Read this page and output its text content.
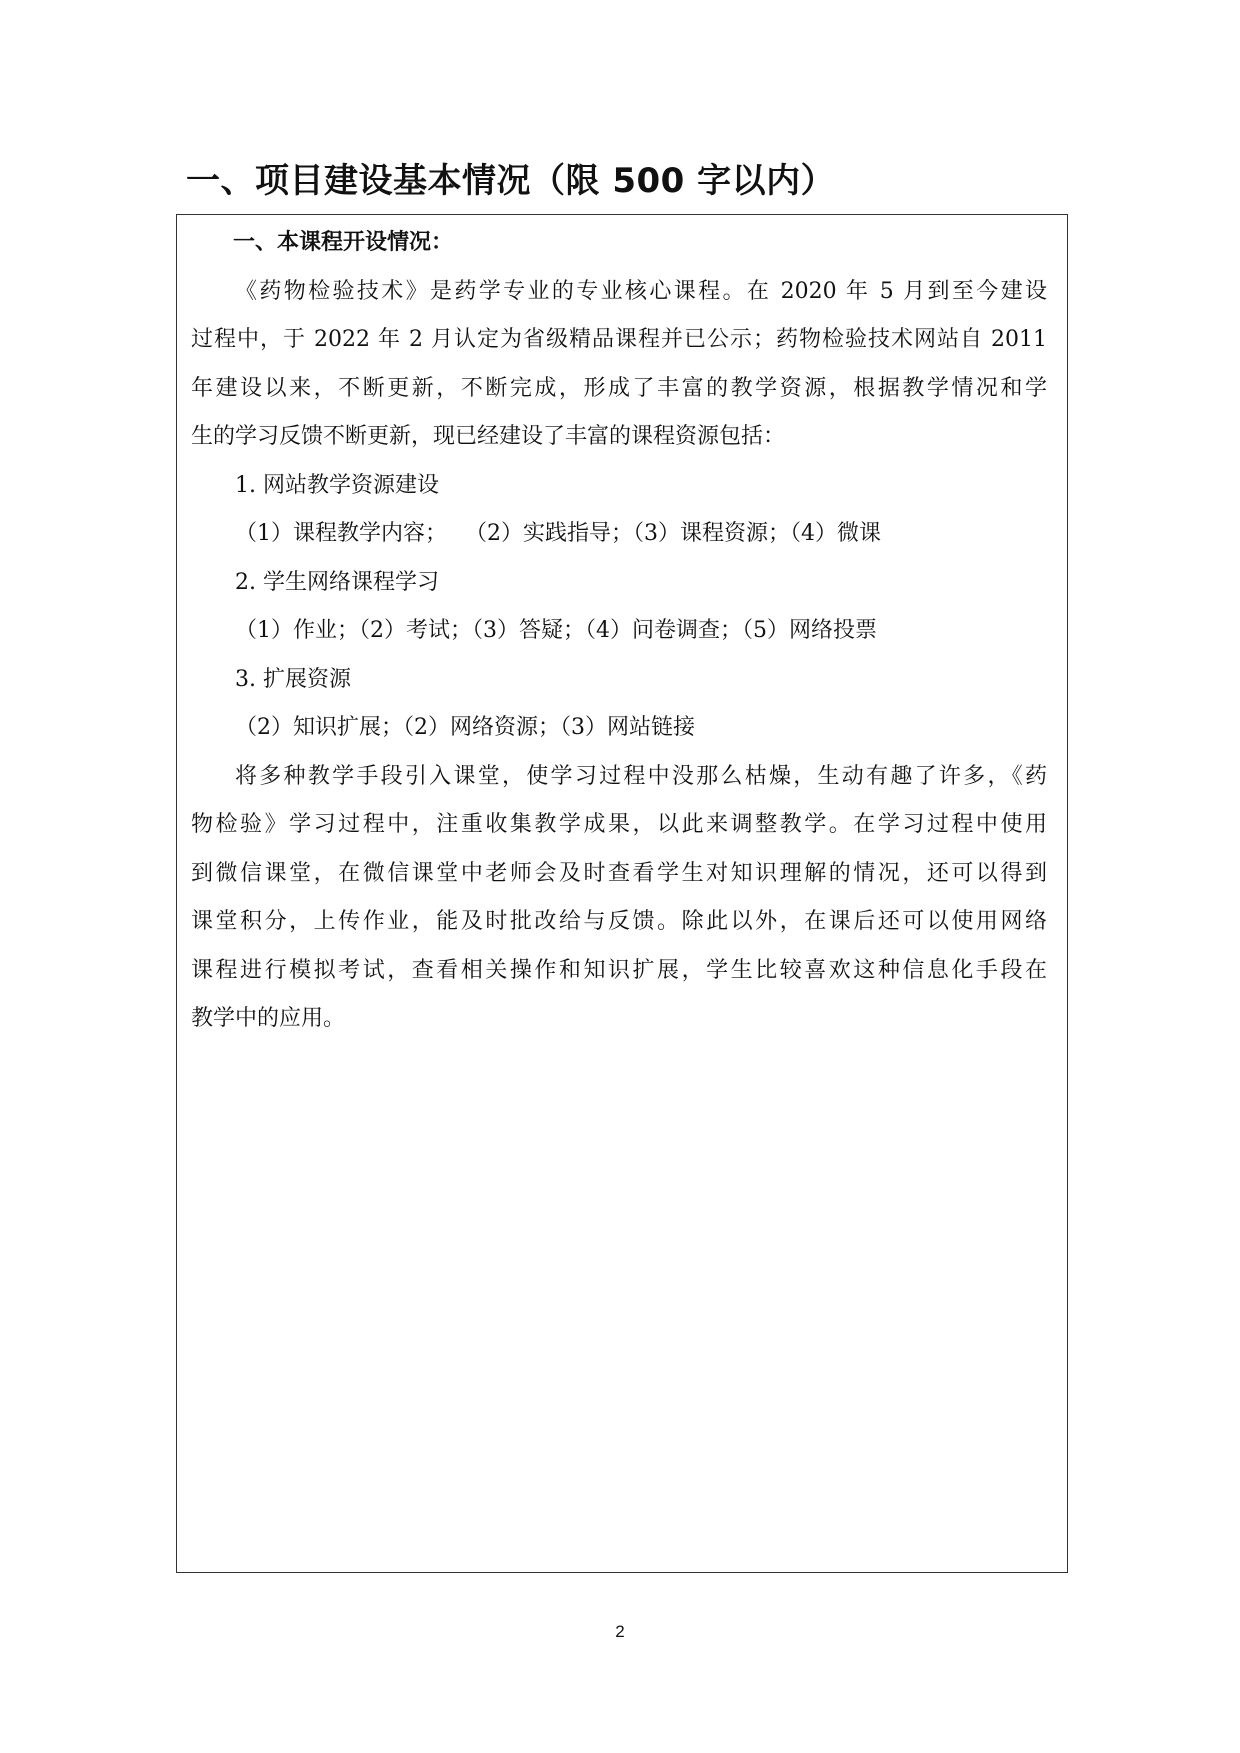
一、项目建设基本情况（限 500 字以内）
一、本课程开设情况：
《药物检验技术》是药学专业的专业核心课程。在 2020 年 5 月到至今建设
过程中，于 2022 年 2 月认定为省级精品课程并已公示；药物检验技术网站自 2011
年建设以来，不断更新，不断完成，形成了丰富的教学资源，根据教学情况和学
生的学习反馈不断更新，现已经建设了丰富的课程资源包括：
1. 网站教学资源建设
（1）课程教学内容；　 （2）实践指导；（3）课程资源；（4）微课
2. 学生网络课程学习
（1）作业；（2）考试；（3）答疑；（4）问卷调查；（5）网络投票
3. 扩展资源
（2）知识扩展；（2）网络资源；（3）网站链接
将多种教学手段引入课堂，使学习过程中没那么枯燥，生动有趣了许多，《药
物检验》学习过程中，注重收集教学成果，以此来调整教学。在学习过程中使用
到微信课堂，在微信课堂中老师会及时查看学生对知识理解的情况，还可以得到
课堂积分，上传作业，能及时批改给与反馈。除此以外，在课后还可以使用网络
课程进行模拟考试，查看相关操作和知识扩展，学生比较喜欢这种信息化手段在
教学中的应用。
2
